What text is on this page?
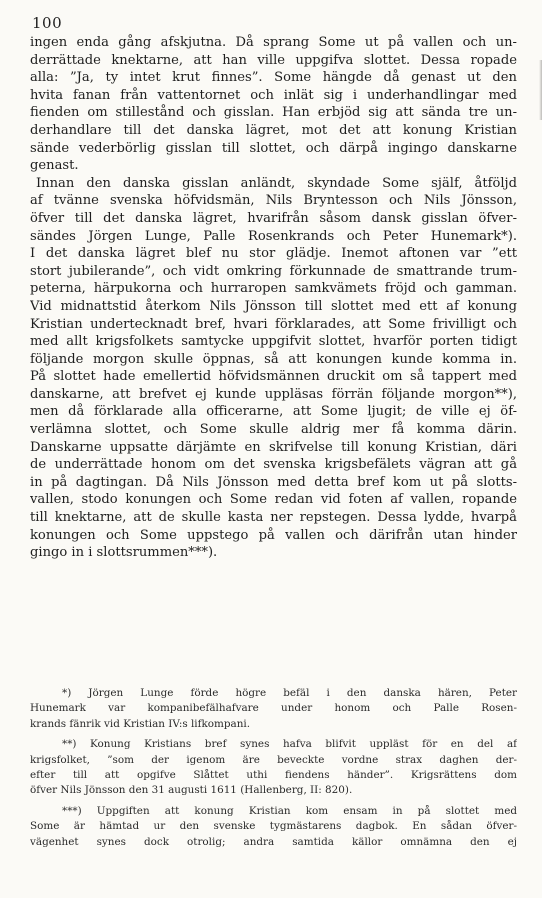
100
ingen enda gång afskjutna. Då sprang Some ut på vallen och un-
derrättade knektarne, att han ville uppgifva slottet. Dessa ropade
alla: ”Ja, ty intet krut finnes”. Some hängde då genast ut den
hvita fanan från vattentornet och inlät sig i underhandlingar med
fienden om stillestånd och gisslan. Han erbjöd sig att sända tre un-
derhandlare till det danska lägret, mot det att konung Kristian
sände vederbörlig gisslan till slottet, och därpå ingingo danskarne
genast.
Innan den danska gisslan anländt, skyndade Some själf, åtföljd
af tvänne svenska höfvidsmän, Nils Bryntesson och Nils Jönsson,
öfver till det danska lägret, hvarifrån såsom dansk gisslan öfver-
sändes Jörgen Lunge, Palle Rosenkrands och Peter Hunemark*).
I det danska lägret blef nu stor glädje. Inemot aftonen var ”ett
stort jubilerande”, och vidt omkring förkunnade de smattrande trum-
peterna, härpukorna och hurraropen samkvämets fröjd och gamman.
Vid midnattstid återkom Nils Jönsson till slottet med ett af konung
Kristian undertecknadt bref, hvari förklarades, att Some frivilligt och
med allt krigsfolkets samtycke uppgifvit slottet, hvarför porten tidigt
följande morgon skulle öppnas, så att konungen kunde komma in.
På slottet hade emellertid höfvidsmännen druckit om så tappert med
danskarne, att brefvet ej kunde uppläsas förrän följande morgon**),
men då förklarade alla officerarne, att Some ljugit; de ville ej öf-
verlämna slottet, och Some skulle aldrig mer få komma därin.
Danskarne uppsatte därjämte en skrifvelse till konung Kristian, däri
de underrättade honom om det svenska krigsbefälets vägran att gå
in på dagtingan. Då Nils Jönsson med detta bref kom ut på slotts-
vallen, stodo konungen och Some redan vid foten af vallen, ropande
till knektarne, att de skulle kasta ner repstegen. Dessa lydde, hvarpå
konungen och Some uppstego på vallen och därifrån utan hinder
gingo in i slottsrummen***).
*) Jörgen Lunge förde högre befäl i den danska hären, Peter
Hunemark var kompanibefälhafvare under honom och Palle Rosen-
krands fänrik vid Kristian IV:s lifkompani.
**) Konung Kristians bref synes hafva blifvit uppläst för en del af
krigsfolket, ”som der igenom äre beveckte vordne strax daghen der-
efter till att opgifve Slåttet uthi fiendens händer”. Krigsrättens dom
öfver Nils Jönsson den 31 augusti 1611 (Hallenberg, II: 820).
***) Uppgiften att konung Kristian kom ensam in på slottet med
Some är hämtad ur den svenske tygmästarens dagbok. En sådan öfver-
vägenhet synes dock otrolig; andra samtida källor omnämna den ej
